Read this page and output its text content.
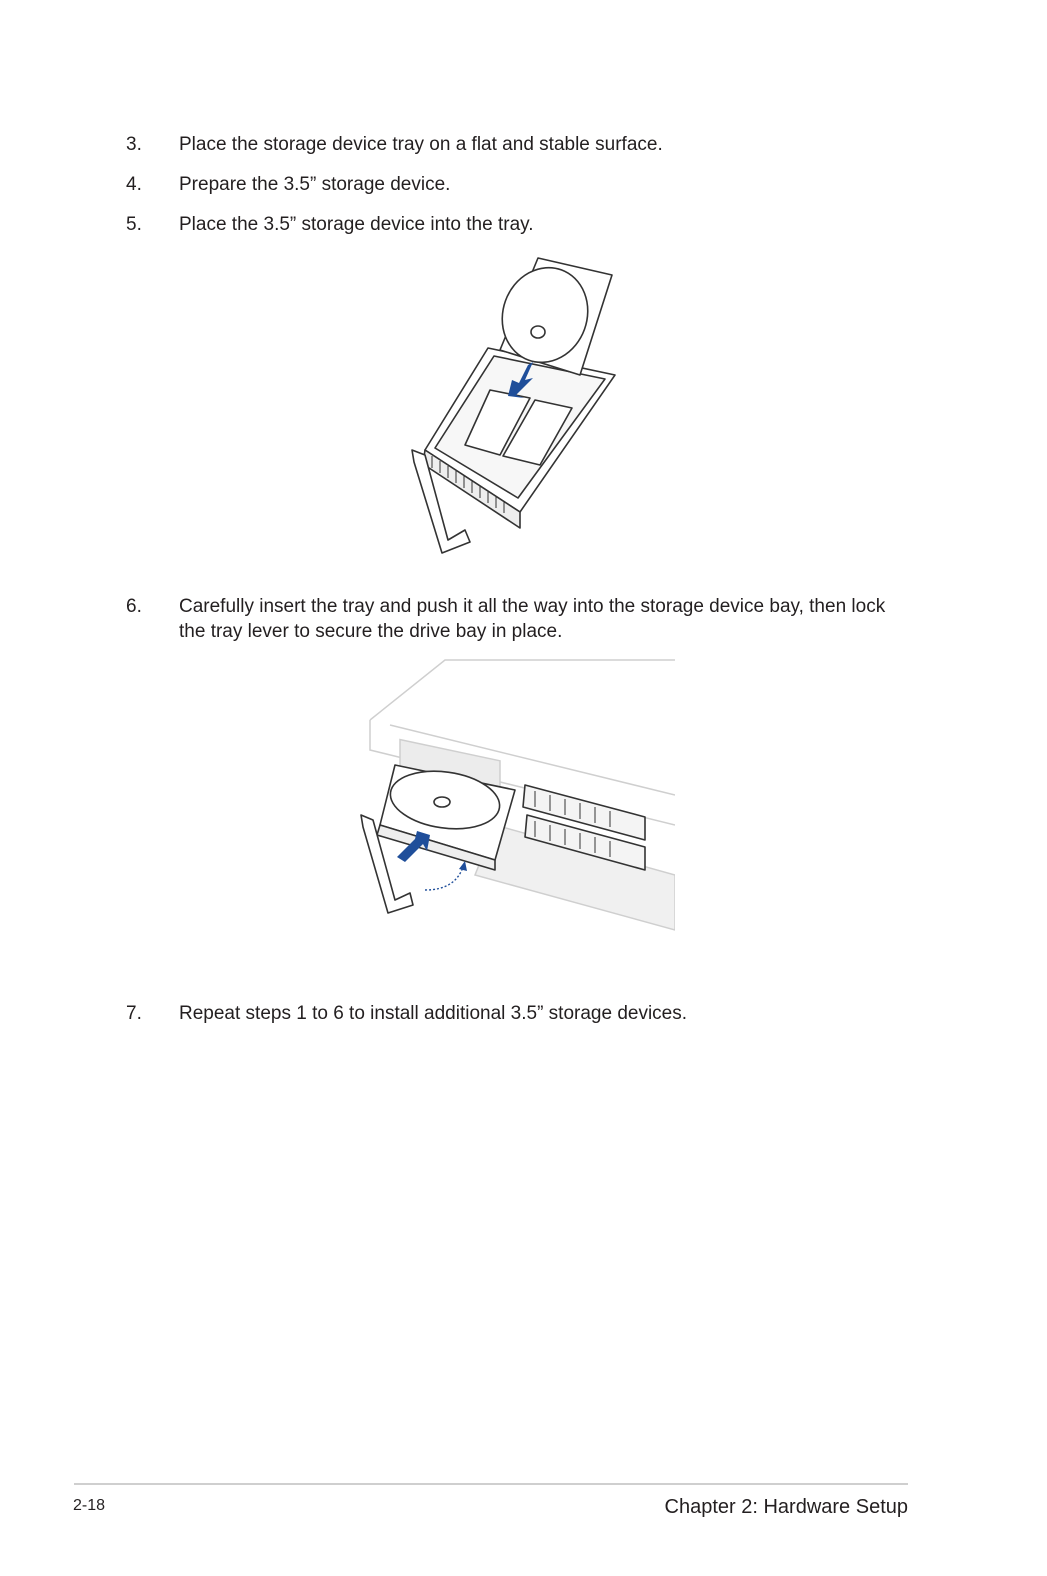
3. Place the storage device tray on a flat and stable surface.
4. Prepare the 3.5” storage device.
5. Place the 3.5” storage device into the tray.
6. Carefully insert the tray and push it all the way into the storage device bay, then lock
the tray lever to secure the drive bay in place.
7. Repeat steps 1 to 6 to install additional 3.5” storage devices.
2-18	Chapter 2: Hardware Setup
